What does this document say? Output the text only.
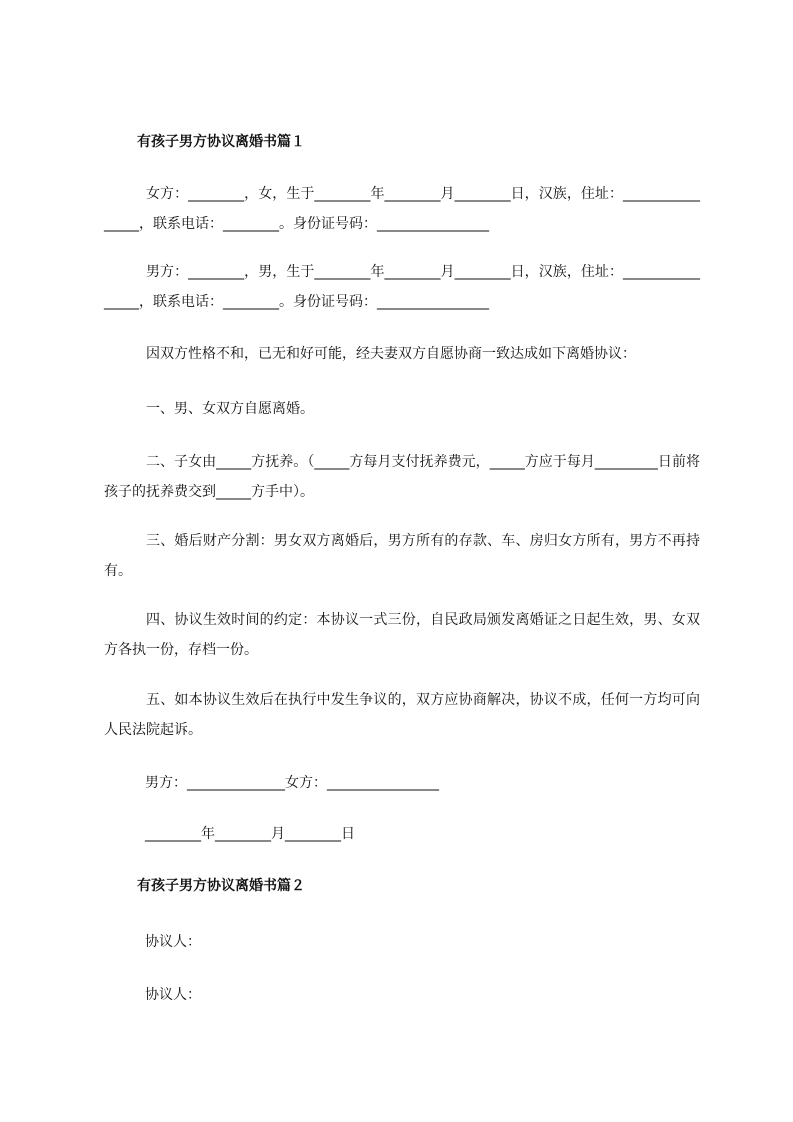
有孩子男方协议离婚书篇１
女方：________，女，生于________年________月________日，汉族，住址：________________，联系电话：________。身份证号码：________________
男方：________，男，生于________年________月________日，汉族，住址：________________，联系电话：________。身份证号码：________________
因双方性格不和，已无和好可能，经夫妻双方自愿协商一致达成如下离婚协议：
一、男、女双方自愿离婚。
二、子女由_____方抚养。（_____方每月支付抚养费元，_____方应于每月_________日前将孩子的抚养费交到_____方手中）。
三、婚后财产分割：男女双方离婚后，男方所有的存款、车、房归女方所有，男方不再持有。
四、协议生效时间的约定：本协议一式三份，自民政局颁发离婚证之日起生效，男、女双方各执一份，存档一份。
五、如本协议生效后在执行中发生争议的，双方应协商解决，协议不成，任何一方均可向人民法院起诉。
男方：______________女方：________________
________年________月________日
有孩子男方协议离婚书篇２
协议人：
协议人：
